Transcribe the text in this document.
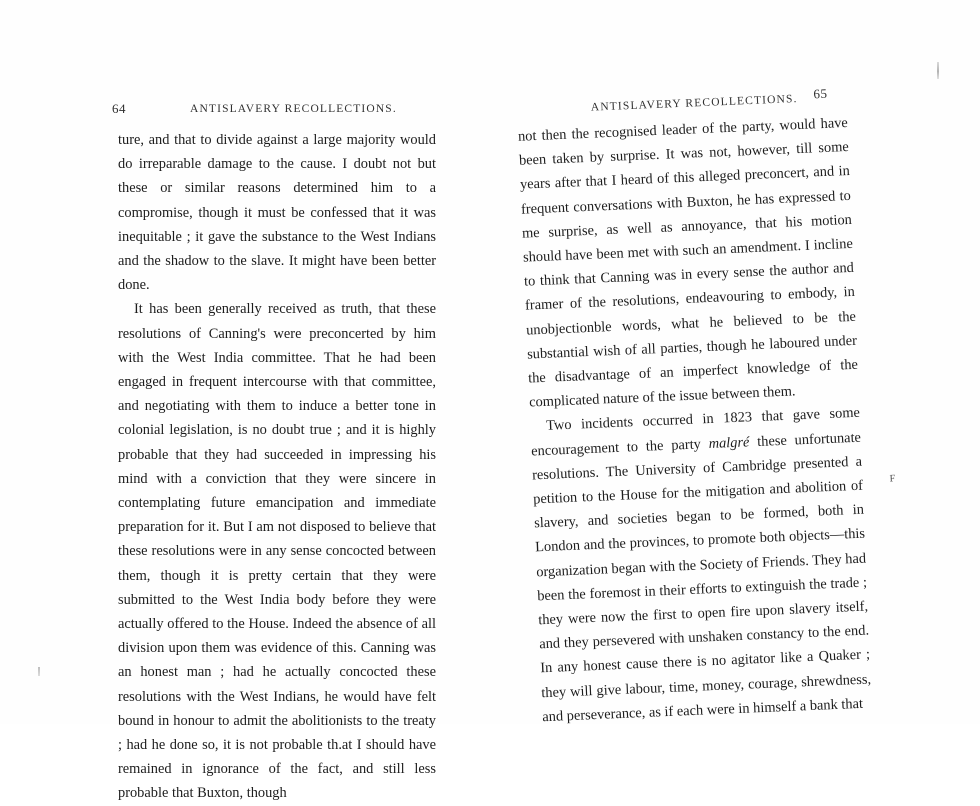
64	ANTISLAVERY RECOLLECTIONS.

ture, and that to divide against a large majority would do irreparable damage to the cause. I doubt not but these or similar reasons determined him to a compromise, though it must be confessed that it was inequitable ; it gave the substance to the West Indians and the shadow to the slave. It might have been better done.

It has been generally received as truth, that these resolutions of Canning's were preconcerted by him with the West India committee. That he had been engaged in frequent intercourse with that committee, and negotiating with them to induce a better tone in colonial legislation, is no doubt true ; and it is highly probable that they had succeeded in impressing his mind with a conviction that they were sincere in contemplating future emancipation and immediate preparation for it. But I am not disposed to believe that these resolutions were in any sense concocted between them, though it is pretty certain that they were submitted to the West India body before they were actually offered to the House. Indeed the absence of all division upon them was evidence of this. Canning was an honest man ; had he actually concocted these resolutions with the West Indians, he would have felt bound in honour to admit the abolitionists to the treaty ; had he done so, it is not probable th.at I should have remained in ignorance of the fact, and still less probable that Buxton, though

ANTISLAVERY RECOLLECTIONS. 65

not then the recognised leader of the party, would have been taken by surprise. It was not, however, till some years after that I heard of this alleged preconcert, and in frequent conversations with Buxton, he has expressed to me surprise, as well as annoyance, that his motion should have been met with such an amendment. I incline to think that Canning was in every sense the author and framer of the resolutions, endeavouring to embody, in unobjectionble words, what he believed to be the substantial wish of all parties, though he laboured under the disadvantage of an imperfect knowledge of the complicated nature of the issue between them.

Two incidents occurred in 1823 that gave some encouragement to the party malgré these unfortunate resolutions. The University of Cambridge presented a petition to the House for the mitigation and abolition of slavery, and societies began to be formed, both in London and the provinces, to promote both objects—this organization began with the Society of Friends. They had been the foremost in their efforts to extinguish the trade ; they were now the first to open fire upon slavery itself, and they persevered with unshaken constancy to the end. In any honest cause there is no agitator like a Quaker ; they will give labour, time, money, courage, shrewdness, and perseverance, as if each were in himself a bank that

F
